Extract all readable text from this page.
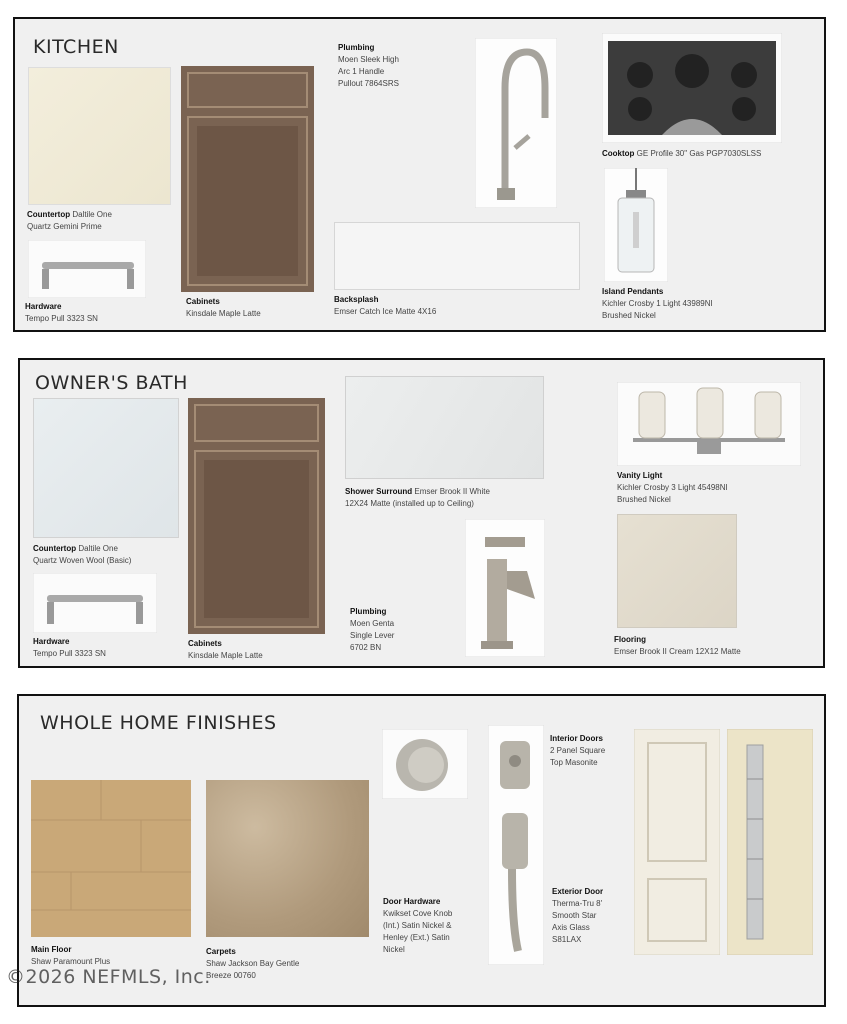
KITCHEN
Countertop Daltile One
Quartz Gemini Prime
Hardware
Tempo Pull 3323 SN
Cabinets
Kinsdale Maple Latte
Plumbing
Moen Sleek High
Arc 1 Handle
Pullout 7864SRS
Cooktop GE Profile 30" Gas PGP7030SLSS
Backsplash
Emser Catch Ice Matte 4X16
Island Pendants
Kichler Crosby 1 Light 43989NI
Brushed Nickel
OWNER'S BATH
Countertop Daltile One
Quartz Woven Wool (Basic)
Hardware
Tempo Pull 3323 SN
Cabinets
Kinsdale Maple Latte
Shower Surround Emser Brook II White
12X24 Matte (installed up to Ceiling)
Plumbing
Moen Genta
Single Lever
6702 BN
Vanity Light
Kichler Crosby 3 Light 45498NI
Brushed Nickel
Flooring
Emser Brook II Cream 12X12 Matte
WHOLE HOME FINISHES
Main Floor
Shaw Paramount Plus
Carpets
Shaw Jackson Bay Gentle
Breeze 00760
Interior Doors
2 Panel Square
Top Masonite
Door Hardware
Kwikset Cove Knob
(Int.) Satin Nickel &
Henley (Ext.) Satin
Nickel
Exterior Door
Therma-Tru 8'
Smooth Star
Axis Glass
S81LAX
©2026 NEFMLS, Inc.
